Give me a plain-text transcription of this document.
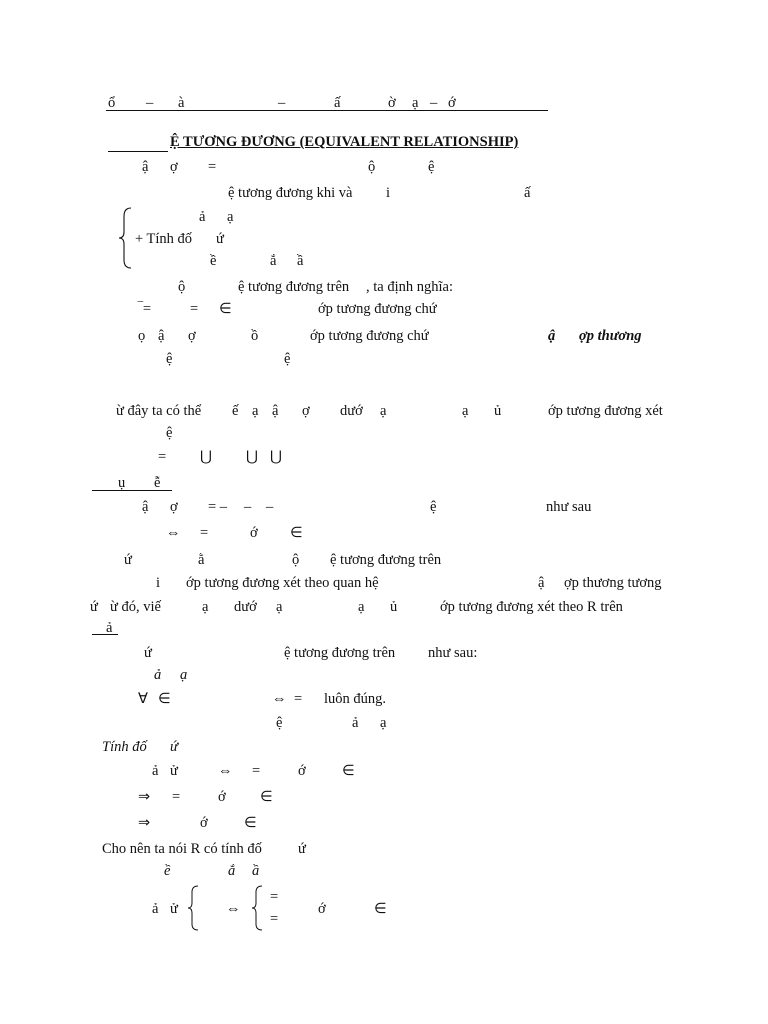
ổ – à	–	ấ	ờ ạ – ớ
Ệ TƯƠNG ĐƯƠNG (EQUIVALENT RELATIONSHIP)
ậ ợ =	ộ	ệ
ệ tương đương khi và i	ấ
ả ạ
+ Tính đố ứ
ề	ắ ầ
ộ	ệ tương đương trên , ta định nghĩa:
‾=	= ∈	ớp tương đương chứ
ọ ậ ợ	ồ	ớp tương đương chứ	ậ ợp thương
ệ	ệ
ừ đây ta có thể ế ạ ậ ợ dướ ạ	ạ ủ	ớp tương đương xét
ệ
= ⋃ ⋃ ⋃
ụ ễ
ậ ợ = – – –	ệ	như sau
⇔ =	ớ ∈
ứ	ằ	ộ ệ tương đương trên
i ớp tương đương xét theo quan hệ	ậ ợp thương tương
ứ ừ đó, viế	ạ dướ ạ	ạ ủ	ớp tương đương xét theo R trên
ả
ứ	ệ tương đương trên như sau:
ả ạ
∀ ∈	⇔ = luôn đúng.
ệ	ả ạ
Tính đố ứ
ả ử	⇔ =	ớ	∈
⇒ =	ớ ∈
⇒	ớ	∈
Cho nên ta nói R có tính đố ứ
ề	ắ ầ
ả ử	⇔
=
=
ớ	∈
